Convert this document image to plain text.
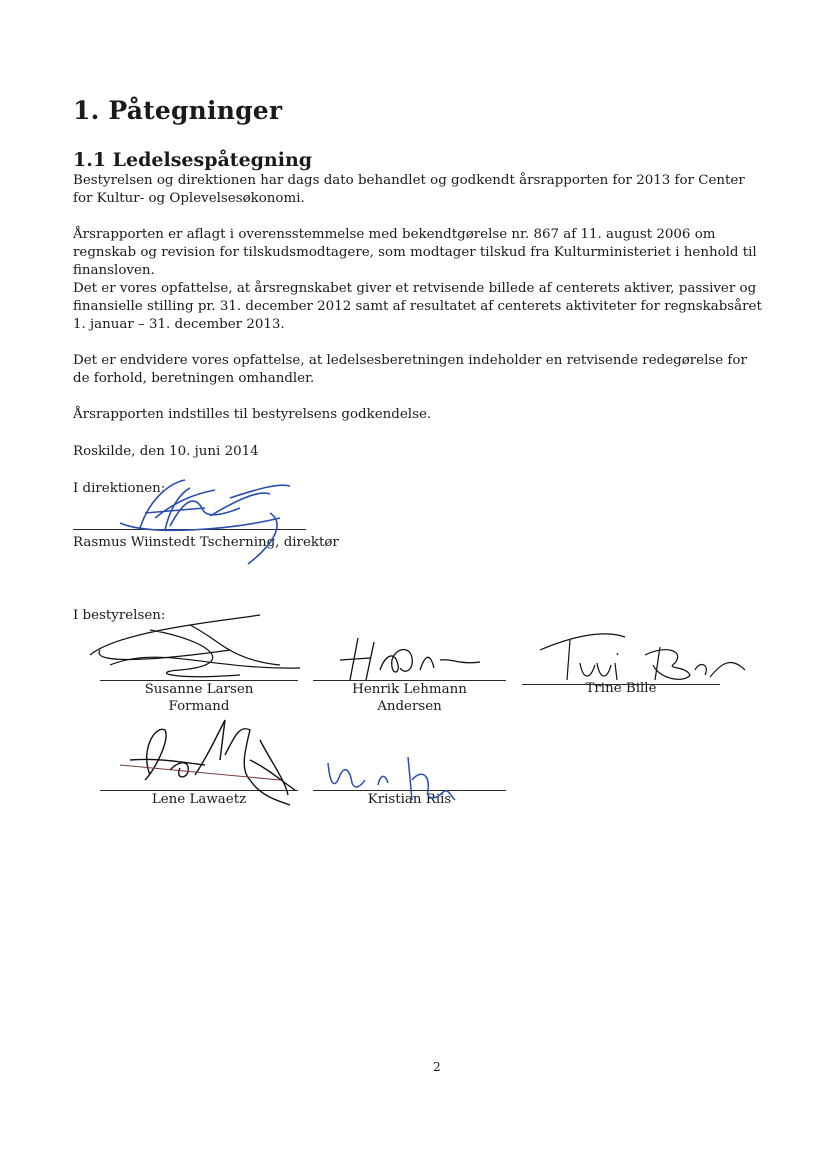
1. Påtegninger
1.1 Ledelsespåtegning
Bestyrelsen og direktionen har dags dato behandlet og godkendt årsrapporten for 2013 for Center for Kultur- og Oplevelsesøkonomi.
Årsrapporten er aflagt i overensstemmelse med bekendtgørelse nr. 867 af 11. august 2006 om regnskab og revision for tilskudsmodtagere, som modtager tilskud fra Kulturministeriet i henhold til finansloven.
Det er vores opfattelse, at årsregnskabet giver et retvisende billede af centerets aktiver, passiver og finansielle stilling pr. 31. december 2012 samt af resultatet af centerets aktiviteter for regnskabsåret 1. januar – 31. december 2013.
Det er endvidere vores opfattelse, at ledelsesberetningen indeholder en retvisende redegørelse for de forhold, beretningen omhandler.
Årsrapporten indstilles til bestyrelsens godkendelse.
Roskilde, den 10. juni 2014
I direktionen:
Rasmus Wiinstedt Tscherning, direktør
I bestyrelsen:
Susanne Larsen
Formand
Henrik Lehmann
Andersen
Trine Bille
Lene Lawaetz	Kristian Riis
2
